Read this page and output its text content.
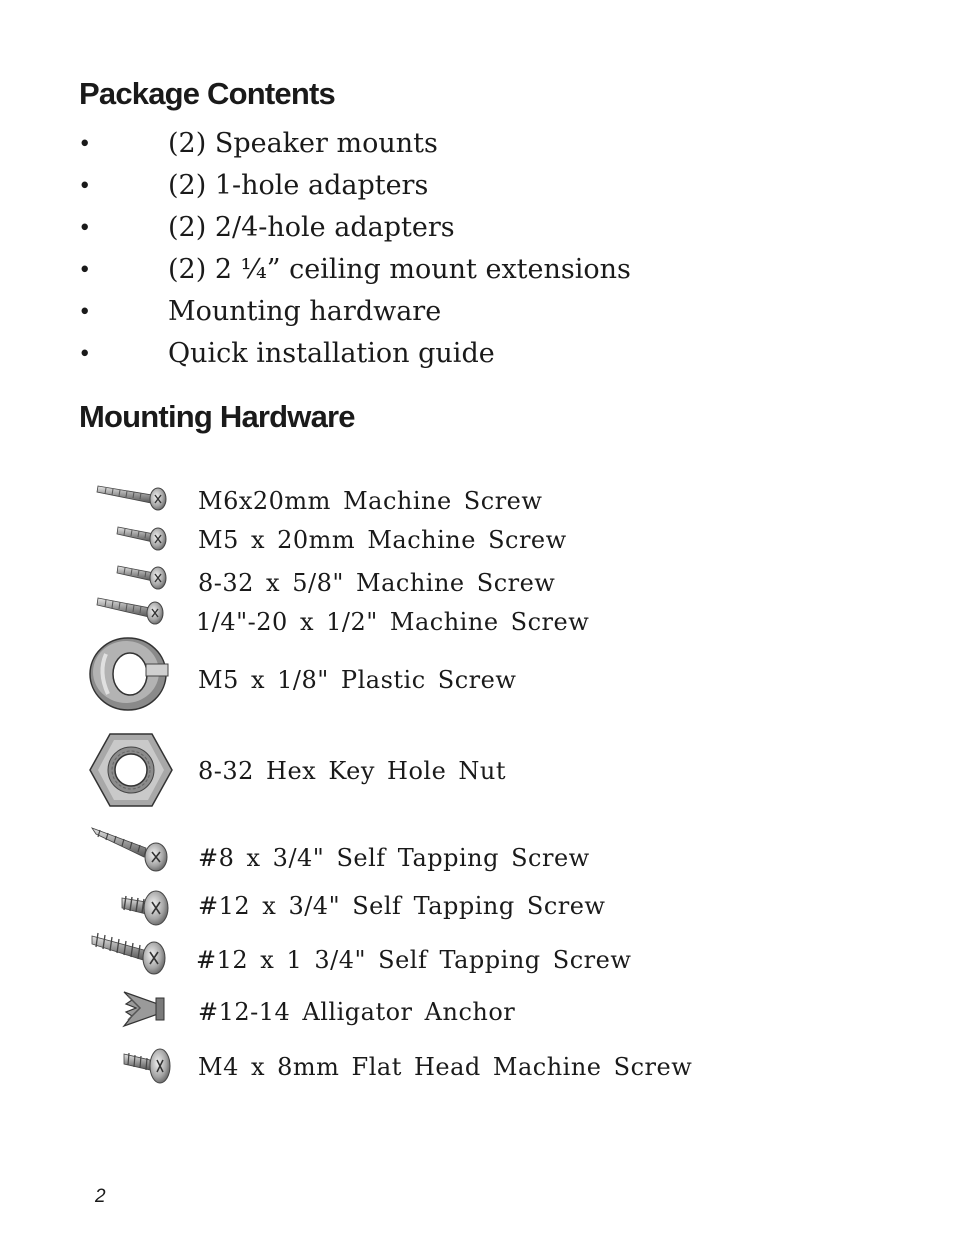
Package Contents
•	(2) Speaker mounts
•	(2) 1-hole adapters
•	(2) 2/4-hole adapters
•	(2) 2 ¼” ceiling mount extensions
•	Mounting hardware
•	Quick installation guide
Mounting Hardware
M6x20mm Machine Screw
M5 x 20mm Machine Screw
8-32 x 5/8" Machine Screw
1/4"-20 x 1/2" Machine Screw
M5 x 1/8" Plastic Screw
8-32 Hex Key Hole Nut
#8 x 3/4" Self Tapping Screw
#12 x 3/4" Self Tapping Screw
#12 x 1 3/4" Self Tapping Screw
#12-14 Alligator Anchor
M4 x 8mm Flat Head Machine Screw
2
